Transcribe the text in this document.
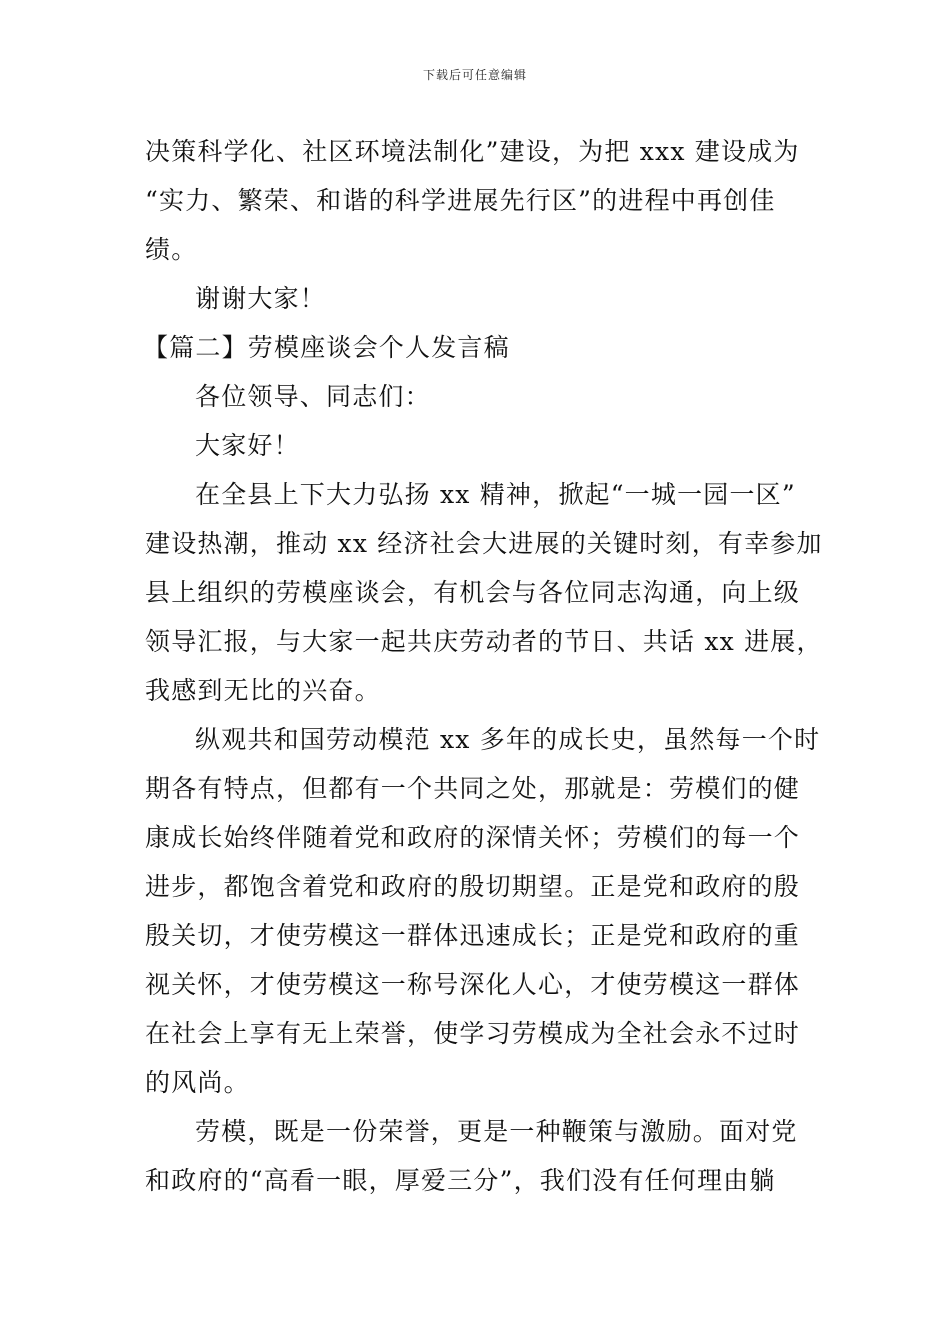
下载后可任意编辑
决策科学化、社区环境法制化”建设，为把 xxx 建设成为
“实力、繁荣、和谐的科学进展先行区”的进程中再创佳
绩。
谢谢大家！
【篇二】劳模座谈会个人发言稿
各位领导、同志们：
大家好！
在全县上下大力弘扬 xx 精神，掀起“一城一园一区”
建设热潮，推动 xx 经济社会大进展的关键时刻，有幸参加
县上组织的劳模座谈会，有机会与各位同志沟通，向上级
领导汇报，与大家一起共庆劳动者的节日、共话 xx 进展，
我感到无比的兴奋。
纵观共和国劳动模范 xx 多年的成长史，虽然每一个时
期各有特点，但都有一个共同之处，那就是：劳模们的健
康成长始终伴随着党和政府的深情关怀；劳模们的每一个
进步，都饱含着党和政府的殷切期望。正是党和政府的殷
殷关切，才使劳模这一群体迅速成长；正是党和政府的重
视关怀，才使劳模这一称号深化人心，才使劳模这一群体
在社会上享有无上荣誉，使学习劳模成为全社会永不过时
的风尚。
劳模，既是一份荣誉，更是一种鞭策与激励。面对党
和政府的“高看一眼，厚爱三分”，我们没有任何理由躺
